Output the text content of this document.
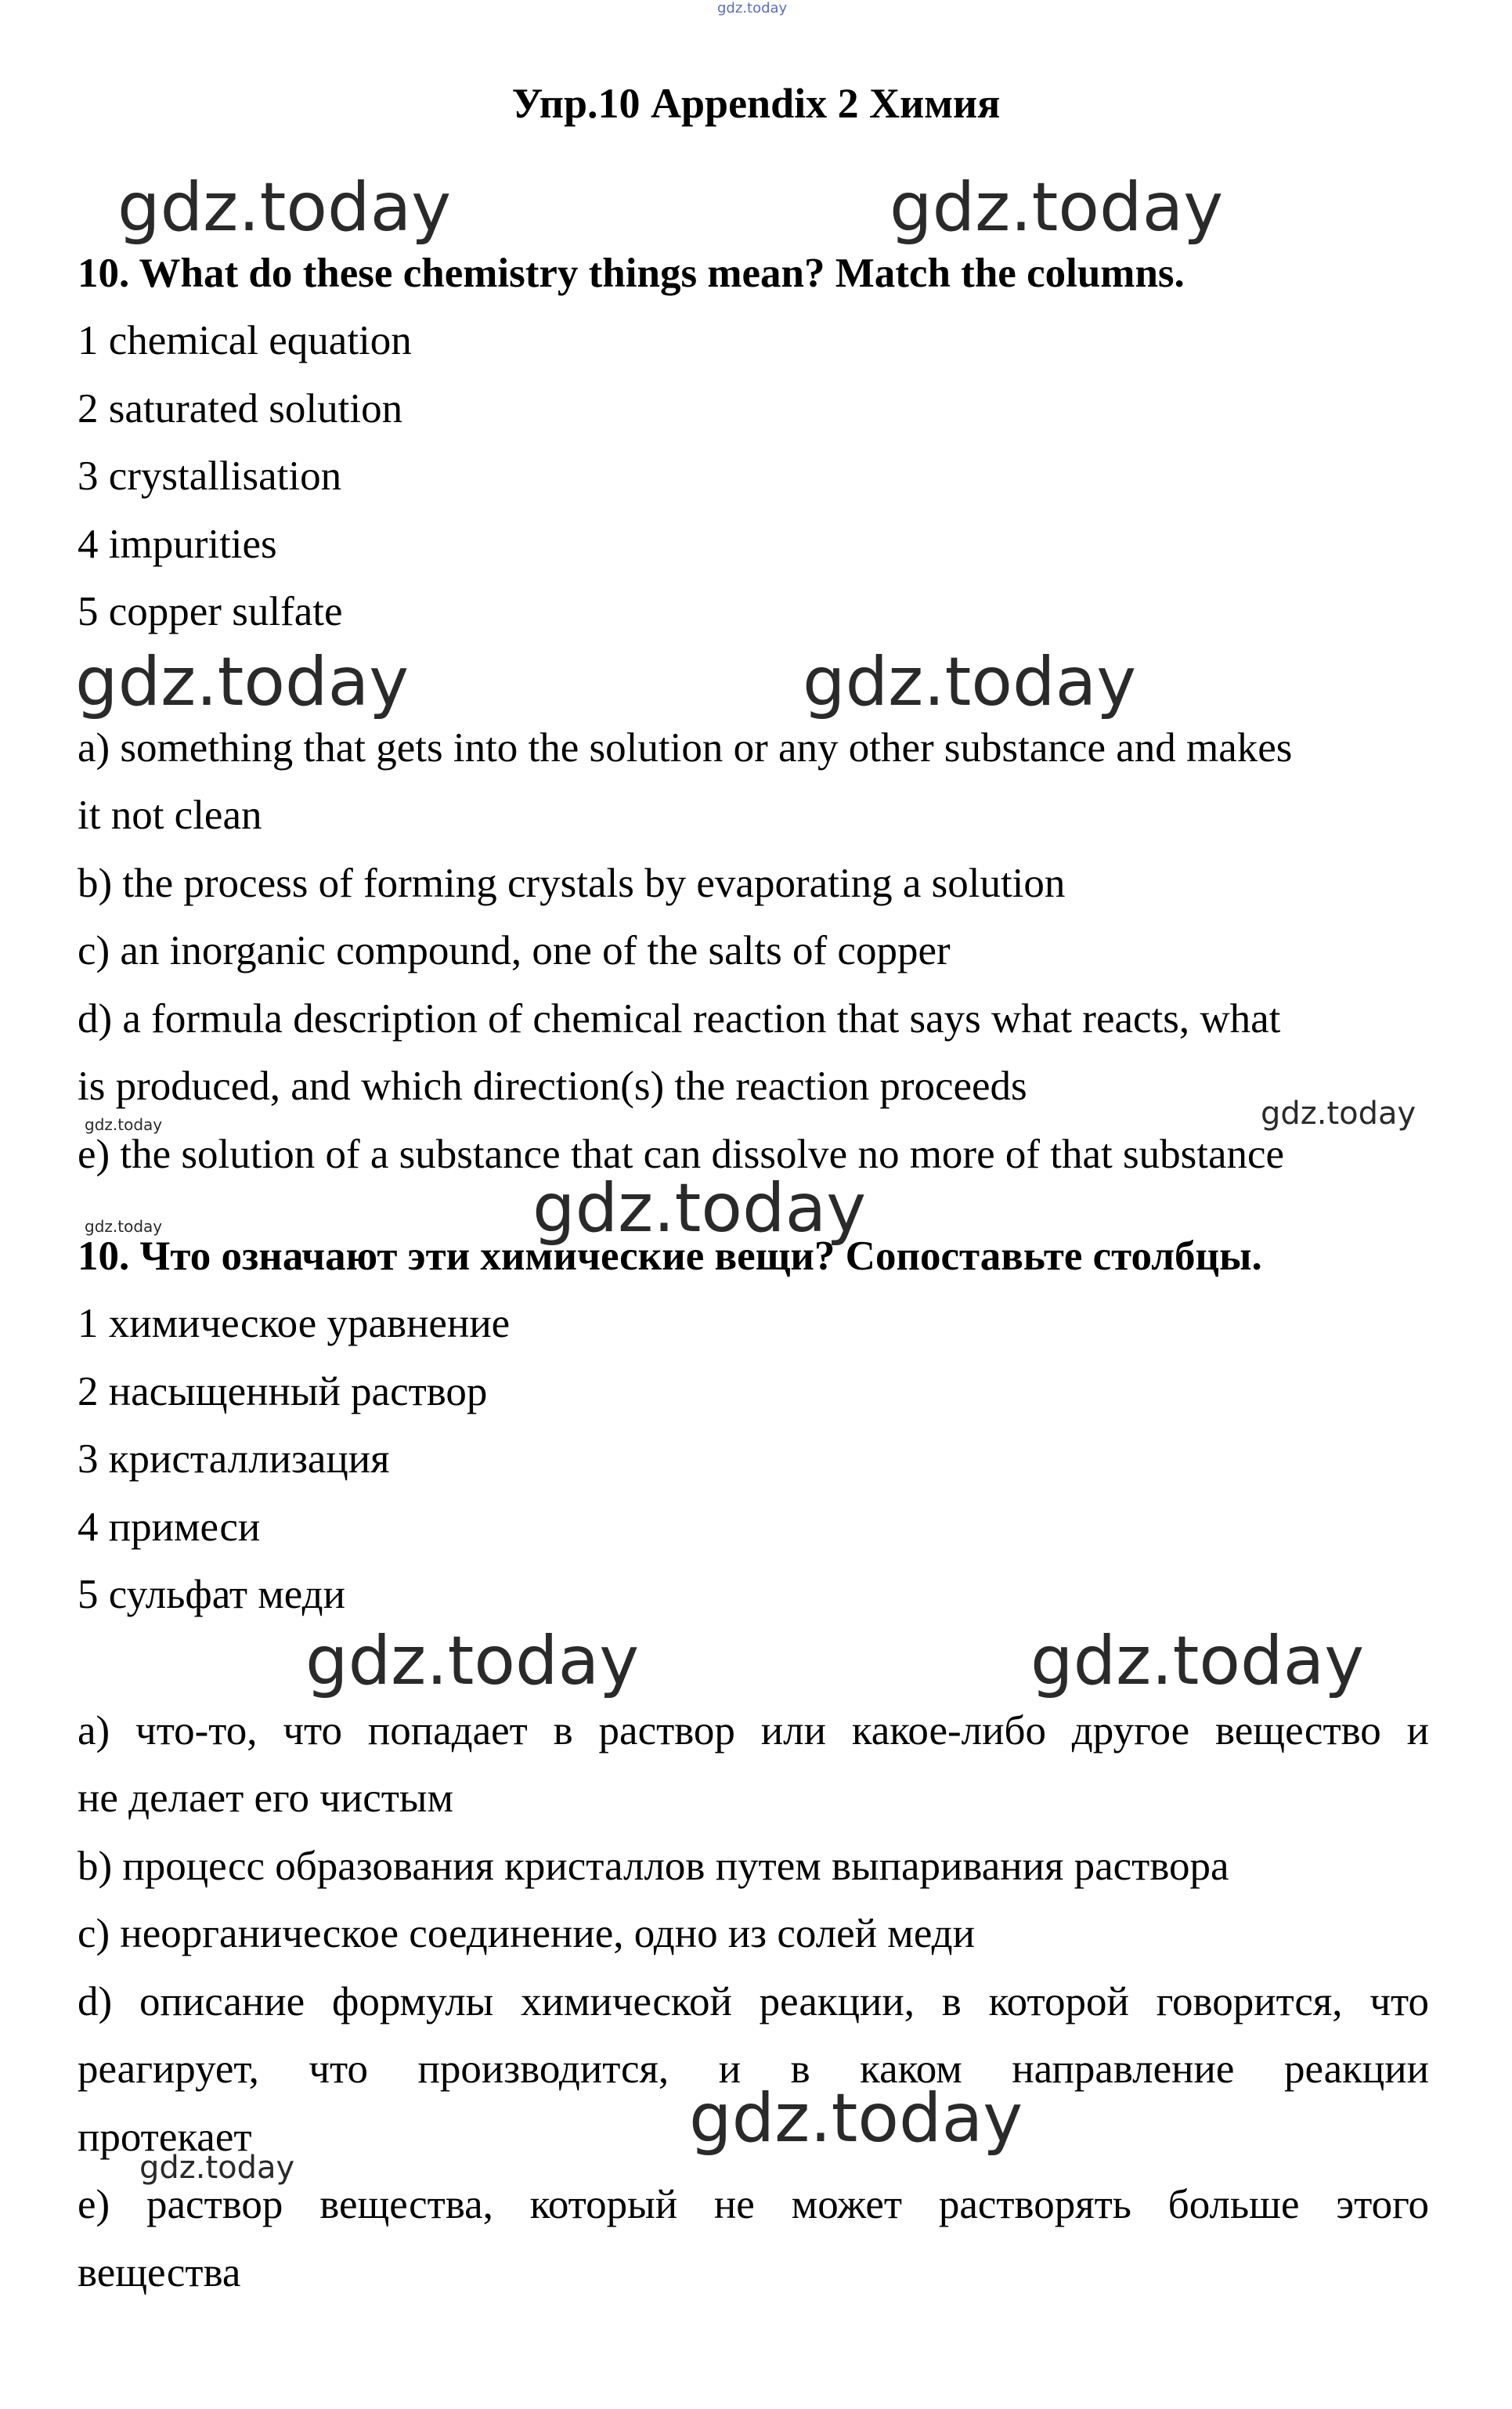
gdz.today
Упр.10 Appendix 2 Химия
gdz.today	gdz.today
10. What do these chemistry things mean? Match the columns.
1 chemical equation
2 saturated solution
3 crystallisation
4 impurities
5 copper sulfate
gdz.today	gdz.today
a) something that gets into the solution or any other substance and makes
it not clean
b) the process of forming crystals by evaporating a solution
c) an inorganic compound, one of the salts of copper
d) a formula description of chemical reaction that says what reacts, what
is produced, and which direction(s) the reaction proceeds
gdz.today
gdz.today
e) the solution of a substance that can dissolve no more of that substance
gdz.today
gdz.today
10. Что означают эти химические вещи? Сопоставьте столбцы.
1 химическое уравнение
2 насыщенный раствор
3 кристаллизация
4 примеси
5 сульфат меди
gdz.today	gdz.today
a) что-то, что попадает в раствор или какое-либо другое вещество и
не делает его чистым
b) процесс образования кристаллов путем выпаривания раствора
c) неорганическое соединение, одно из солей меди
d) описание формулы химической реакции, в которой говорится, что
реагирует, что производится, и в каком направление реакции
протекает	gdz.today
gdz.today
e) раствор вещества, который не может растворять больше этого
вещества
